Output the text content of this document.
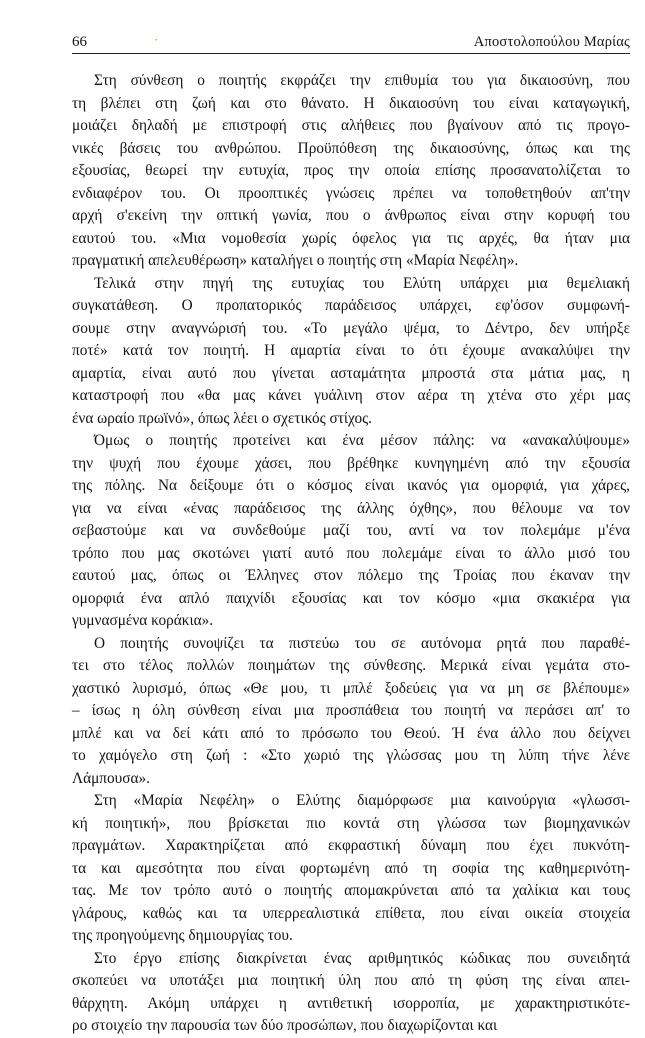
66	·	Αποστολοπούλου Μαρίας
Στη σύνθεση ο ποιητής εκφράζει την επιθυμία του για δικαιοσύνη, που
τη βλέπει στη ζωή και στο θάνατο. Η δικαιοσύνη του είναι καταγωγική,
μοιάζει δηλαδή με επιστροφή στις αλήθειες που βγαίνουν από τις προγο-
νικές βάσεις του ανθρώπου. Προϋπόθεση της δικαιοσύνης, όπως και της
εξουσίας, θεωρεί την ευτυχία, προς την οποία επίσης προσανατολίζεται το
ενδιαφέρον του. Οι προοπτικές γνώσεις πρέπει να τοποθετηθούν απ'την
αρχή σ'εκείνη την οπτική γωνία, που ο άνθρωπος είναι στην κορυφή του
εαυτού του. «Μια νομοθεσία χωρίς όφελος για τις αρχές, θα ήταν μια
πραγματική απελευθέρωση» καταλήγει ο ποιητής στη «Μαρία Νεφέλη».
Τελικά στην πηγή της ευτυχίας του Ελύτη υπάρχει μια θεμελιακή
συγκατάθεση. Ο προπατορικός παράδεισος υπάρχει, εφ'όσον συμφωνή-
σουμε στην αναγνώρισή του. «Το μεγάλο ψέμα, το Δέντρο, δεν υπήρξε
ποτέ» κατά τον ποιητή. Η αμαρτία είναι το ότι έχουμε ανακαλύψει την
αμαρτία, είναι αυτό που γίνεται ασταμάτητα μπροστά στα μάτια μας, η
καταστροφή που «θα μας κάνει γυάλινη στον αέρα τη χτένα στο χέρι μας
ένα ωραίο πρωϊνό», όπως λέει ο σχετικός στίχος.
Όμως ο ποιητής προτείνει και ένα μέσον πάλης: να «ανακαλύψουμε»
την ψυχή που έχουμε χάσει, που βρέθηκε κυνηγημένη από την εξουσία
της πόλης. Να δείξουμε ότι ο κόσμος είναι ικανός για ομορφιά, για χάρες,
για να είναι «ένας παράδεισος της άλλης όχθης», που θέλουμε να τον
σεβαστούμε και να συνδεθούμε μαζί του, αντί να τον πολεμάμε μ'ένα
τρόπο που μας σκοτώνει γιατί αυτό που πολεμάμε είναι το άλλο μισό του
εαυτού μας, όπως οι Έλληνες στον πόλεμο της Τροίας που έκαναν την
ομορφιά ένα απλό παιχνίδι εξουσίας και τον κόσμο «μια σκακιέρα για
γυμνασμένα κοράκια».
Ο ποιητής συνοψίζει τα πιστεύω του σε αυτόνομα ρητά που παραθέ-
τει στο τέλος πολλών ποιημάτων της σύνθεσης. Μερικά είναι γεμάτα στο-
χαστικό λυρισμό, όπως «Θε μου, τι μπλέ ξοδεύεις για να μη σε βλέπουμε»
– ίσως η όλη σύνθεση είναι μια προσπάθεια του ποιητή να περάσει απ' το
μπλέ και να δεί κάτι από το πρόσωπο του Θεού. Ή ένα άλλο που δείχνει
το χαμόγελο στη ζωή : «Στο χωριό της γλώσσας μου τη λύπη τήνε λένε
Λάμπουσα».
Στη «Μαρία Νεφέλη» ο Ελύτης διαμόρφωσε μια καινούργια «γλωσσι-
κή ποιητική», που βρίσκεται πιο κοντά στη γλώσσα των βιομηχανικών
πραγμάτων. Χαρακτηρίζεται από εκφραστική δύναμη που έχει πυκνότη-
τα και αμεσότητα που είναι φορτωμένη από τη σοφία της καθημερινότη-
τας. Με τον τρόπο αυτό ο ποιητής απομακρύνεται από τα χαλίκια και τους
γλάρους, καθώς και τα υπερρεαλιστικά επίθετα, που είναι οικεία στοιχεία
της προηγούμενης δημιουργίας του.
Στο έργο επίσης διακρίνεται ένας αριθμητικός κώδικας που συνειδητά
σκοπεύει να υποτάξει μια ποιητική ύλη που από τη φύση της είναι απει-
θάρχητη. Ακόμη υπάρχει η αντιθετική ισορροπία, με χαρακτηριστικότε-
ρο στοιχείο την παρουσία των δύο προσώπων, που διαχωρίζονται και
